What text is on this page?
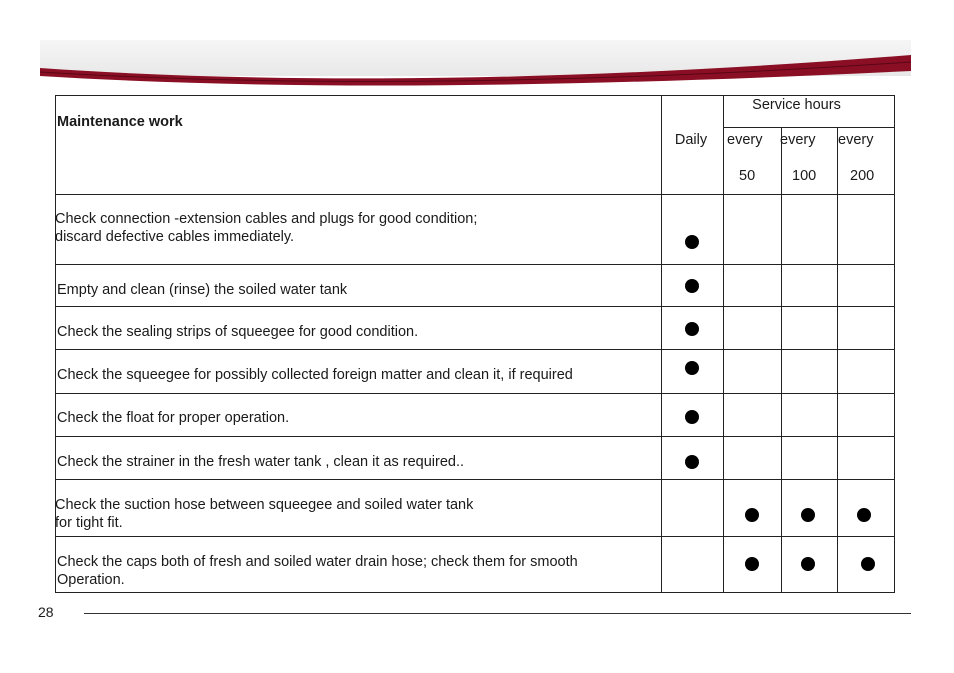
Maintenance work
Service hours
Daily	every
50
every
100
every
200
Check connection -extension cables and plugs for good condition;
discard defective cables immediately.
Empty and clean (rinse) the soiled water tank
Check the sealing strips of squeegee for good condition.
Check the squeegee for possibly collected foreign matter and clean it, if required
Check the float for proper operation.
Check the strainer in the fresh water tank , clean it as required..
Check the suction hose between squeegee and soiled water tank
for tight fit.
Check the caps both of fresh and soiled water drain hose; check them for smooth
Operation.
28
